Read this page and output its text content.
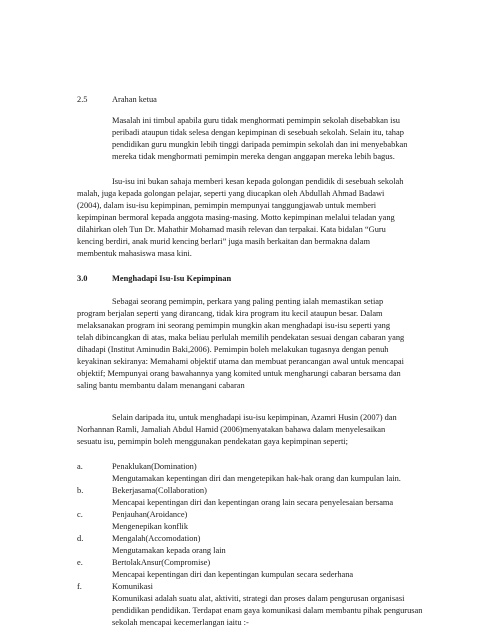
2.5	Arahan ketua
Masalah ini timbul apabila guru tidak menghormati pemimpin sekolah disebabkan isu
peribadi ataupun tidak selesa dengan kepimpinan di sesebuah sekolah. Selain itu, tahap
pendidikan guru mungkin lebih tinggi daripada pemimpin sekolah dan ini menyebabkan
mereka tidak menghormati pemimpin mereka dengan anggapan mereka lebih bagus.
Isu-isu ini bukan sahaja memberi kesan kepada golongan pendidik di sesebuah sekolah
malah, juga kepada golongan pelajar, seperti yang diucapkan oleh Abdullah Ahmad Badawi
(2004), dalam isu-isu kepimpinan, pemimpin mempunyai tanggungjawab untuk memberi
kepimpinan bermoral kepada anggota masing-masing. Motto kepimpinan melalui teladan yang
dilahirkan oleh Tun Dr. Mahathir Mohamad masih relevan dan terpakai. Kata bidalan “Guru
kencing berdiri, anak murid kencing berlari” juga masih berkaitan dan bermakna dalam
membentuk mahasiswa masa kini.
3.0	Menghadapi Isu-Isu Kepimpinan
Sebagai seorang pemimpin, perkara yang paling penting ialah memastikan setiap
program berjalan seperti yang dirancang, tidak kira program itu kecil ataupun besar. Dalam
melaksanakan program ini seorang pemimpin mungkin akan menghadapi isu-isu seperti yang
telah dibincangkan di atas, maka beliau perlulah memilih pendekatan sesuai dengan cabaran yang
dihadapi (Institut Aminudin Baki,2006). Pemimpin boleh melakukan tugasnya dengan penuh
keyakinan sekiranya: Memahami objektif utama dan membuat perancangan awal untuk mencapai
objektif; Mempunyai orang bawahannya yang komited untuk mengharungi cabaran bersama dan
saling bantu membantu dalam menangani cabaran
Selain daripada itu, untuk menghadapi isu-isu kepimpinan, Azamri Husin (2007) dan
Norhannan Ramli, Jamaliah Abdul Hamid (2006)menyatakan bahawa dalam menyelesaikan
sesuatu isu, pemimpin boleh menggunakan pendekatan gaya kepimpinan seperti;
a.	Penaklukan(Domination)
Mengutamakan kepentingan diri dan mengetepikan hak-hak orang dan kumpulan lain.
b.	Bekerjasama(Collaboration)
Mencapai kepentingan diri dan kepentingan orang lain secara penyelesaian bersama
c.	Penjauhan(Aroidance)
Mengenepikan konflik
d.	Mengalah(Accomodation)
Mengutamakan kepada orang lain
e.	BertolakAnsur(Compromise)
Mencapai kepentingan diri dan kepentingan kumpulan secara sederhana
f.	Komunikasi
Komunikasi adalah suatu alat, aktiviti, strategi dan proses dalam pengurusan organisasi
pendidikan pendidikan. Terdapat enam gaya komunikasi dalam membantu pihak pengurusan
sekolah mencapai kecemerlangan iaitu :-
